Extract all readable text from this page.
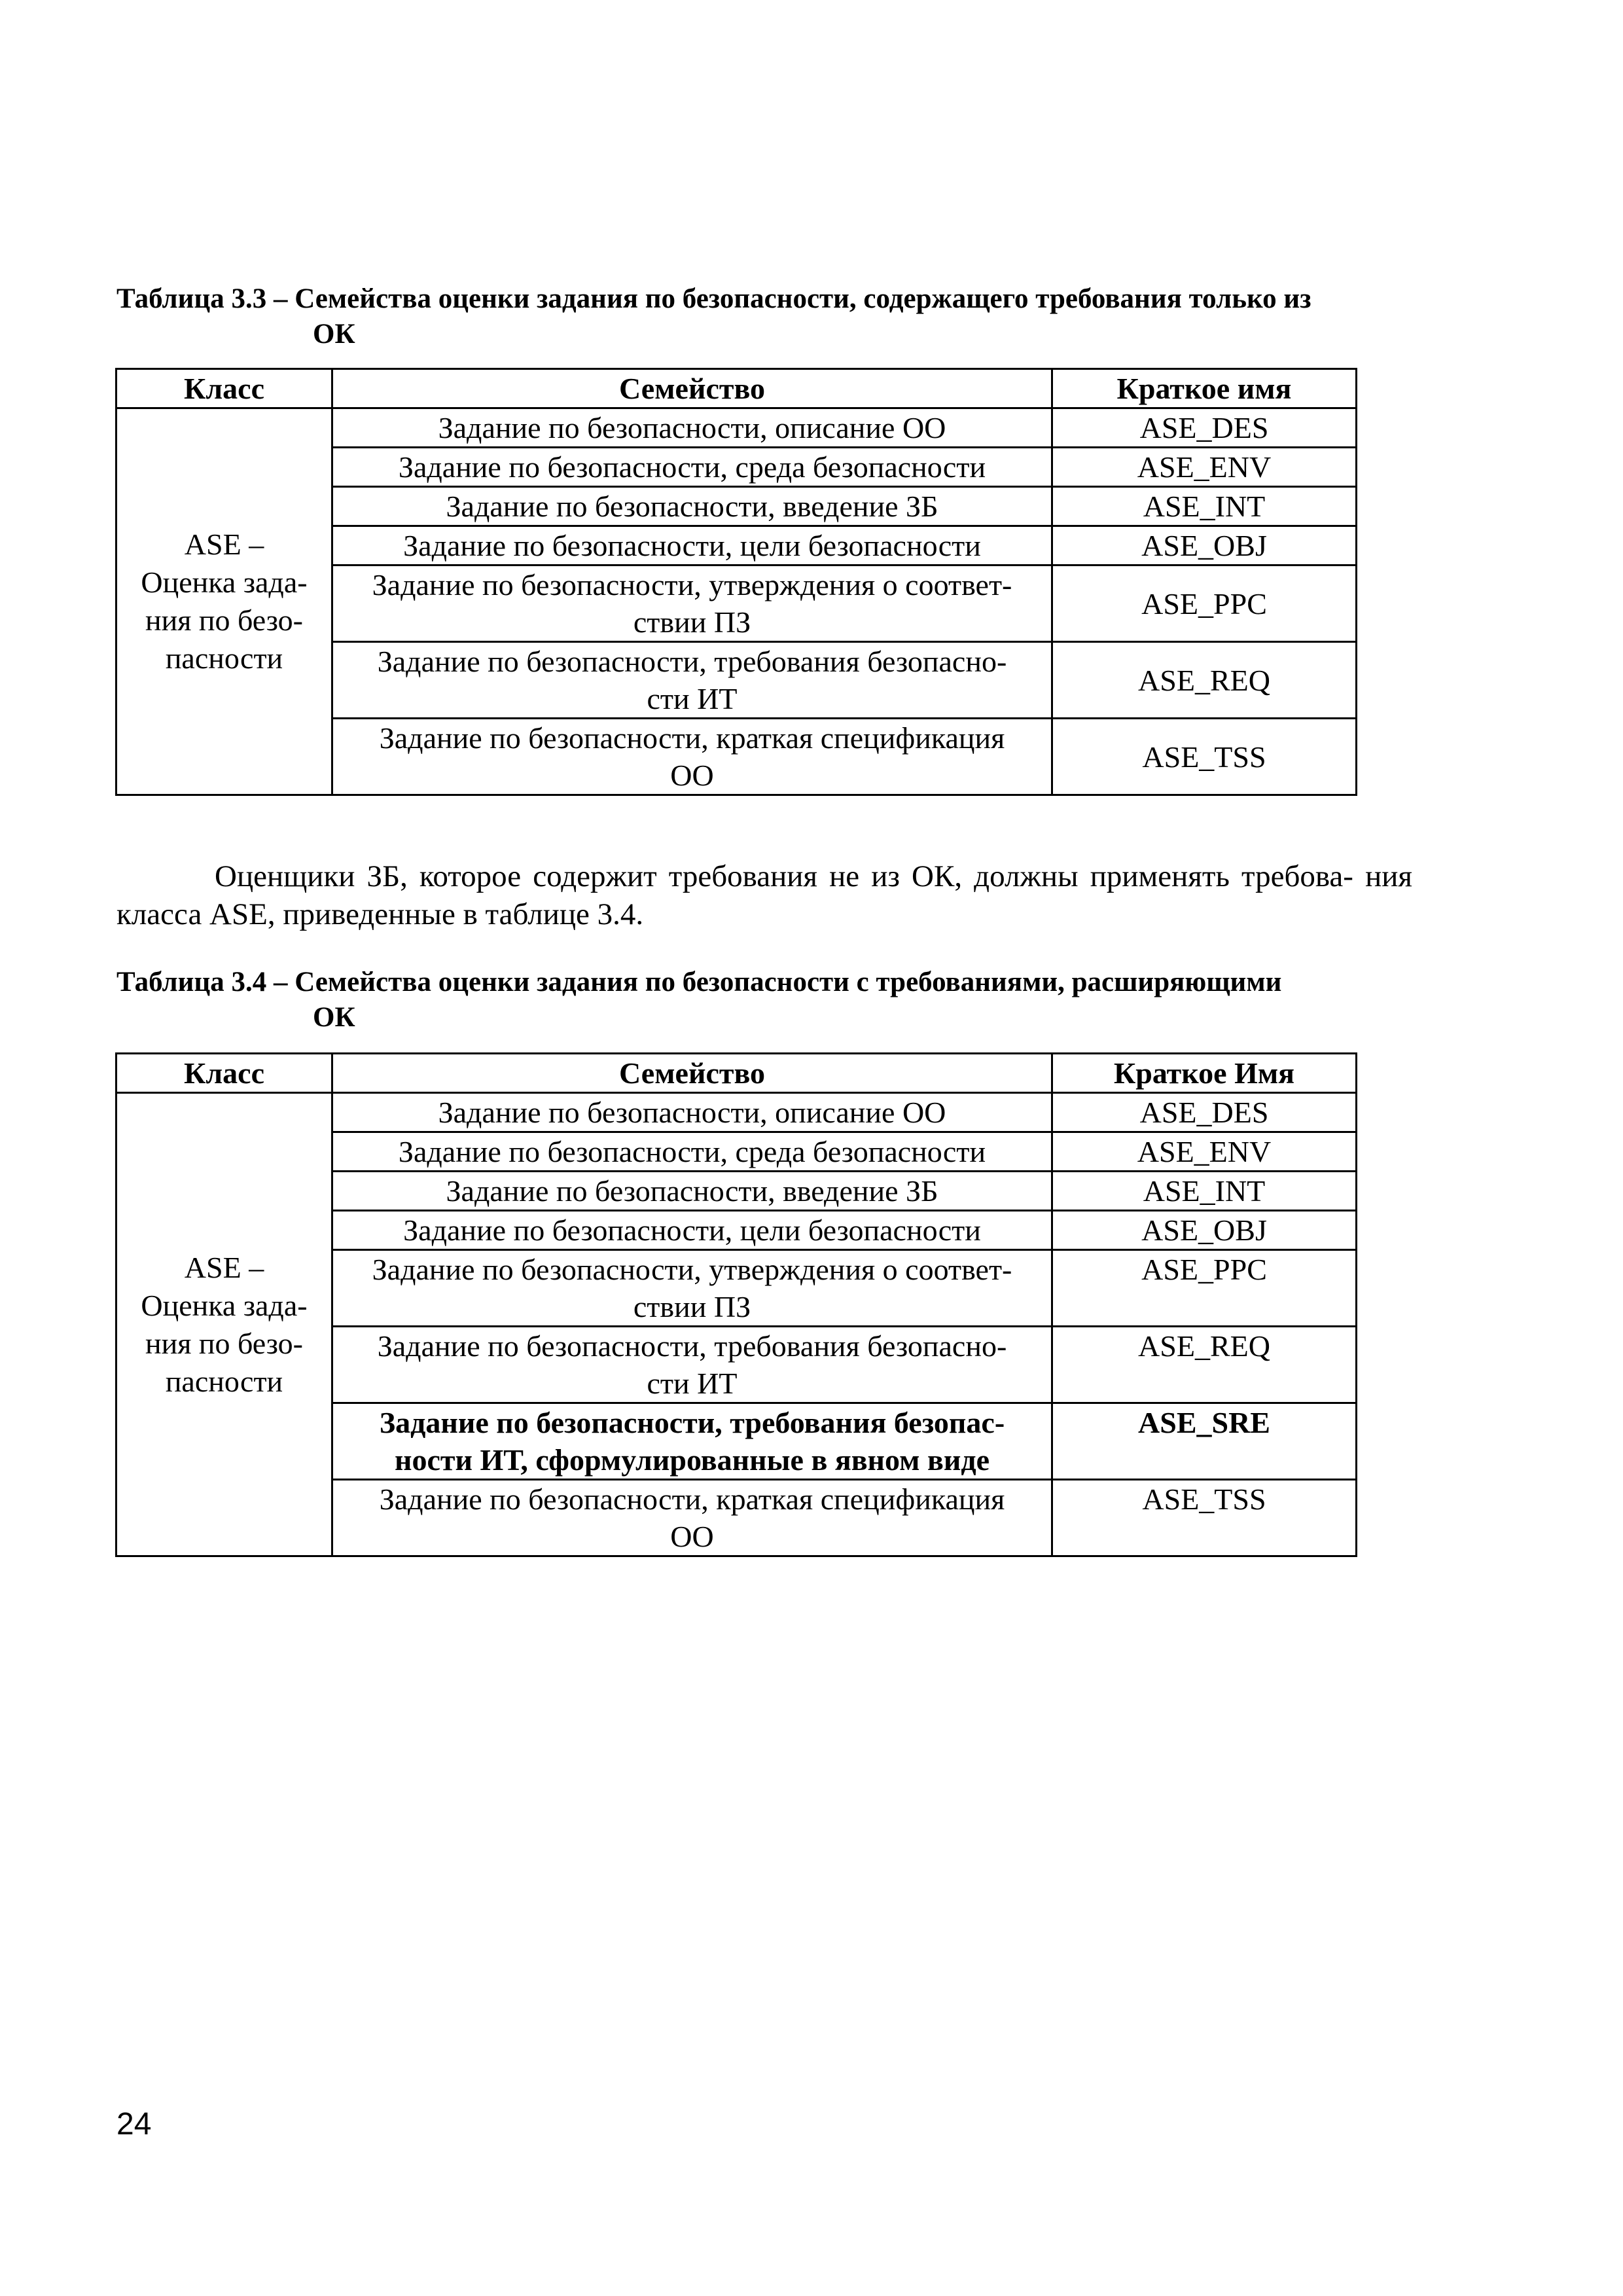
Таблица 3.3 – Семейства оценки задания по безопасности, содержащего требования только из
ОК
Класс	Семейство	Краткое имя

ASE –
Оценка зада-
ния по безо-
пасности	Задание по безопасности, описание ОО	ASE_DES
	Задание по безопасности, среда безопасности	ASE_ENV
	Задание по безопасности, введение ЗБ	ASE_INT
	Задание по безопасности, цели безопасности	ASE_OBJ

	Задание по безопасности, утверждения о соответ-
ствии ПЗ	ASE_PPC

	Задание по безопасности, требования безопасно-
сти ИТ	ASE_REQ

	Задание по безопасности, краткая спецификация
ОО	ASE_TSS
Оценщики ЗБ, которое содержит требования не из ОК, должны применять требова- ния класса ASE, приведенные в таблице 3.4.
Таблица 3.4 – Семейства оценки задания по безопасности с требованиями, расширяющими
ОК
Класс	Семейство	Краткое Имя

ASE –
Оценка зада-
ния по безо-
пасности	Задание по безопасности, описание ОО	ASE_DES
	Задание по безопасности, среда безопасности	ASE_ENV
	Задание по безопасности, введение ЗБ	ASE_INT
	Задание по безопасности, цели безопасности	ASE_OBJ

	Задание по безопасности, утверждения о соответ-
ствии ПЗ	ASE_PPC

	Задание по безопасности, требования безопасно-
сти ИТ	ASE_REQ

	Задание по безопасности, требования безопас-
ности ИТ, сформулированные в явном виде	ASE_SRE

	Задание по безопасности, краткая спецификация
ОО	ASE_TSS
24
